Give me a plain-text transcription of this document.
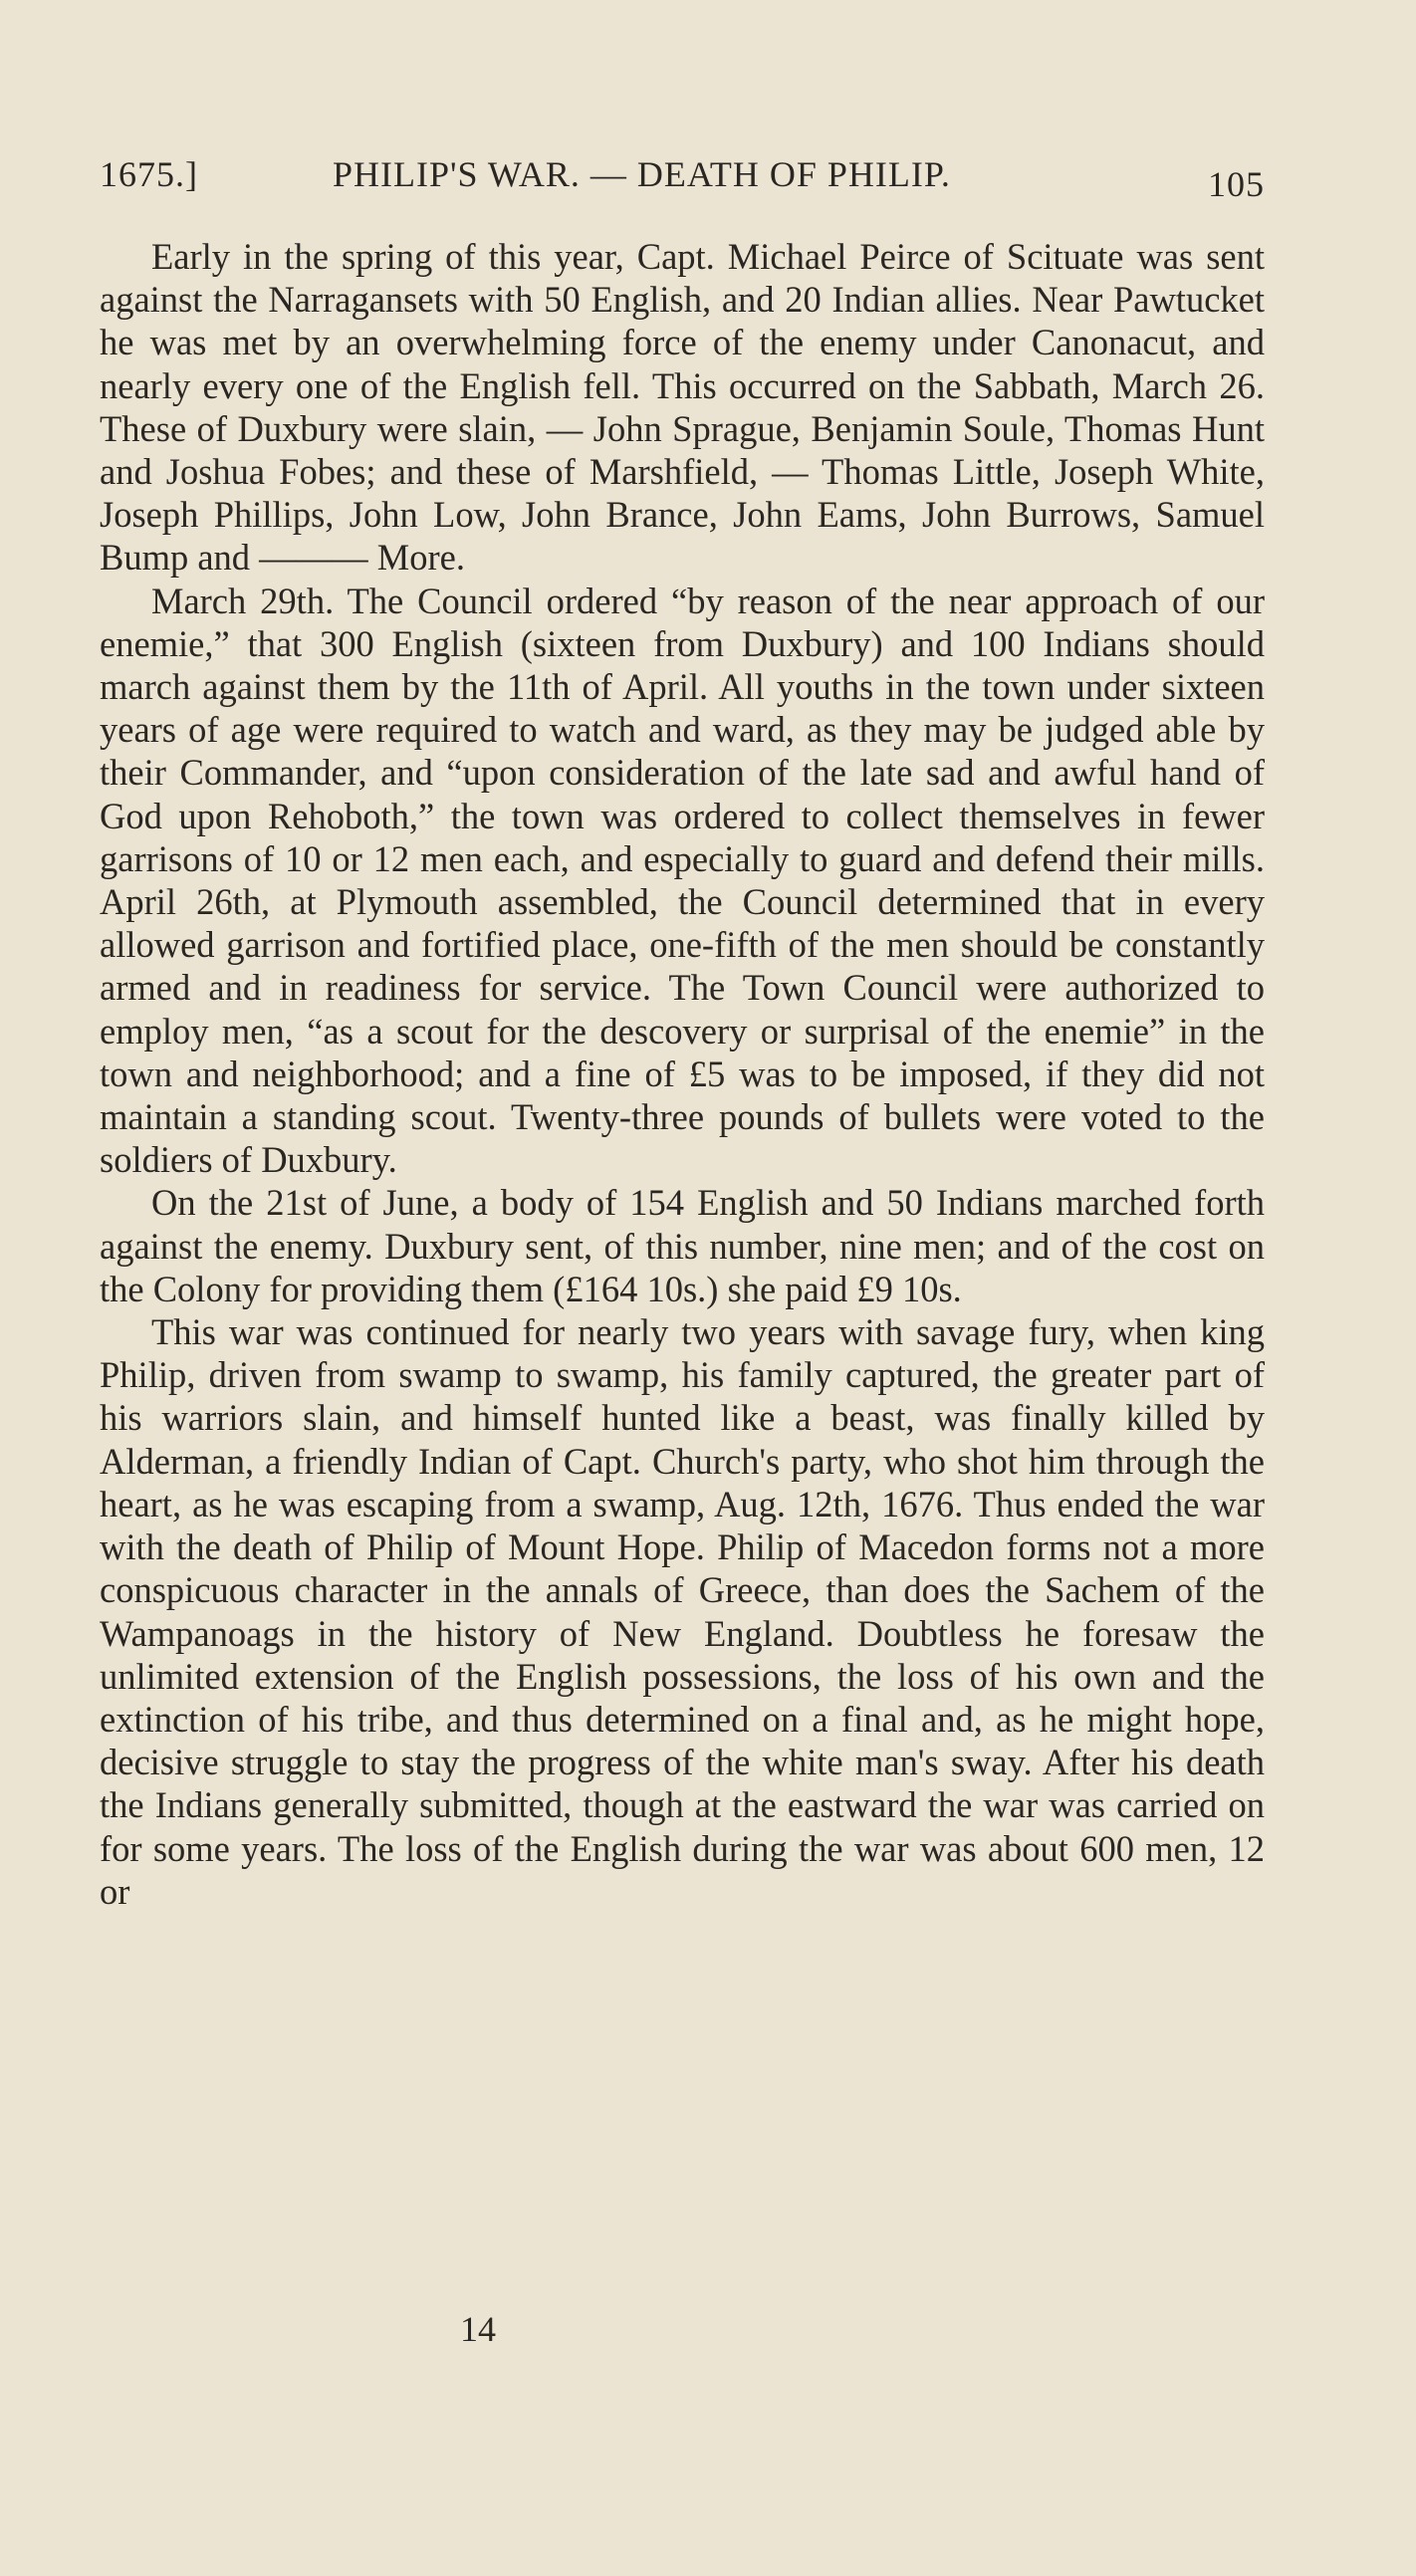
1675.]	PHILIP'S WAR. — DEATH OF PHILIP.	105

Early in the spring of this year, Capt. Michael Peirce of Scituate was sent against the Narragansets with 50 English, and 20 Indian allies. Near Pawtucket he was met by an overwhelming force of the enemy under Canonacut, and nearly every one of the English fell. This occurred on the Sabbath, March 26. These of Duxbury were slain, — John Sprague, Benjamin Soule, Thomas Hunt and Joshua Fobes; and these of Marshfield, — Thomas Little, Joseph White, Joseph Phillips, John Low, John Brance, John Eams, John Burrows, Samuel Bump and ——— More.

March 29th. The Council ordered “by reason of the near approach of our enemie,” that 300 English (sixteen from Duxbury) and 100 Indians should march against them by the 11th of April. All youths in the town under sixteen years of age were required to watch and ward, as they may be judged able by their Commander, and “upon consideration of the late sad and awful hand of God upon Rehoboth,” the town was ordered to collect themselves in fewer garrisons of 10 or 12 men each, and especially to guard and defend their mills. April 26th, at Plymouth assembled, the Council determined that in every allowed garrison and fortified place, one-fifth of the men should be constantly armed and in readiness for service. The Town Council were authorized to employ men, “as a scout for the descovery or surprisal of the enemie” in the town and neighborhood; and a fine of £5 was to be imposed, if they did not maintain a standing scout. Twenty-three pounds of bullets were voted to the soldiers of Duxbury.

On the 21st of June, a body of 154 English and 50 Indians marched forth against the enemy. Duxbury sent, of this number, nine men; and of the cost on the Colony for providing them (£164 10s.) she paid £9 10s.

This war was continued for nearly two years with savage fury, when king Philip, driven from swamp to swamp, his family captured, the greater part of his warriors slain, and himself hunted like a beast, was finally killed by Alderman, a friendly Indian of Capt. Church's party, who shot him through the heart, as he was escaping from a swamp, Aug. 12th, 1676. Thus ended the war with the death of Philip of Mount Hope. Philip of Macedon forms not a more conspicuous character in the annals of Greece, than does the Sachem of the Wampanoags in the history of New England. Doubtless he foresaw the unlimited extension of the English possessions, the loss of his own and the extinction of his tribe, and thus determined on a final and, as he might hope, decisive struggle to stay the progress of the white man's sway. After his death the Indians generally submitted, though at the eastward the war was carried on for some years. The loss of the English during the war was about 600 men, 12 or

14
